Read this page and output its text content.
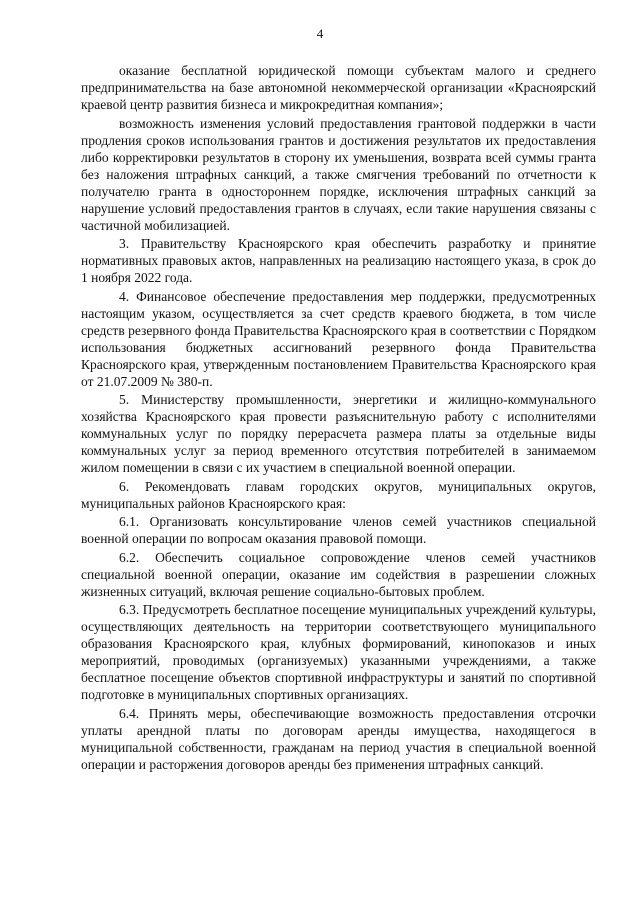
4

оказание бесплатной юридической помощи субъектам малого и среднего предпринимательства на базе автономной некоммерческой организации «Красноярский краевой центр развития бизнеса и микрокредитная компания»;

возможность изменения условий предоставления грантовой поддержки в части продления сроков использования грантов и достижения результатов их предоставления либо корректировки результатов в сторону их уменьшения, возврата всей суммы гранта без наложения штрафных санкций, а также смягчения требований по отчетности к получателю гранта в одностороннем порядке, исключения штрафных санкций за нарушение условий предоставления грантов в случаях, если такие нарушения связаны с частичной мобилизацией.

3. Правительству Красноярского края обеспечить разработку и принятие нормативных правовых актов, направленных на реализацию настоящего указа, в срок до 1 ноября 2022 года.

4. Финансовое обеспечение предоставления мер поддержки, предусмотренных настоящим указом, осуществляется за счет средств краевого бюджета, в том числе средств резервного фонда Правительства Красноярского края в соответствии с Порядком использования бюджетных ассигнований резервного фонда Правительства Красноярского края, утвержденным постановлением Правительства Красноярского края от 21.07.2009 № 380-п.

5. Министерству промышленности, энергетики и жилищно-коммунального хозяйства Красноярского края провести разъяснительную работу с исполнителями коммунальных услуг по порядку перерасчета размера платы за отдельные виды коммунальных услуг за период временного отсутствия потребителей в занимаемом жилом помещении в связи с их участием в специальной военной операции.

6. Рекомендовать главам городских округов, муниципальных округов, муниципальных районов Красноярского края:

6.1. Организовать консультирование членов семей участников специальной военной операции по вопросам оказания правовой помощи.

6.2. Обеспечить социальное сопровождение членов семей участников специальной военной операции, оказание им содействия в разрешении сложных жизненных ситуаций, включая решение социально-бытовых проблем.

6.3. Предусмотреть бесплатное посещение муниципальных учреждений культуры, осуществляющих деятельность на территории соответствующего муниципального образования Красноярского края, клубных формирований, кинопоказов и иных мероприятий, проводимых (организуемых) указанными учреждениями, а также бесплатное посещение объектов спортивной инфраструктуры и занятий по спортивной подготовке в муниципальных спортивных организациях.

6.4. Принять меры, обеспечивающие возможность предоставления отсрочки уплаты арендной платы по договорам аренды имущества, находящегося в муниципальной собственности, гражданам на период участия в специальной военной операции и расторжения договоров аренды без применения штрафных санкций.
